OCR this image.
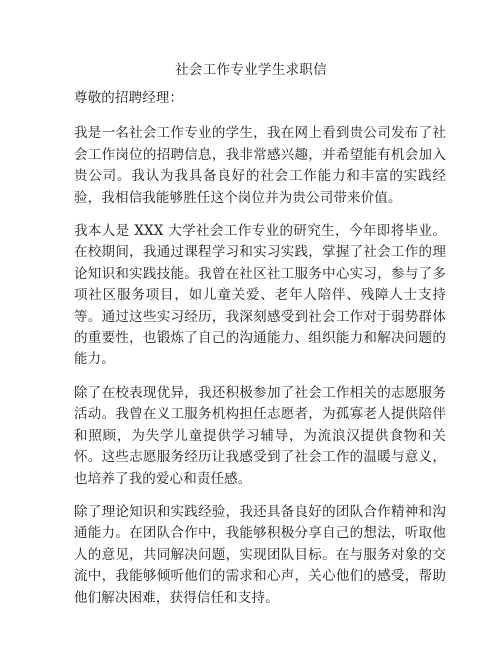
社会工作专业学生求职信

尊敬的招聘经理：

我是一名社会工作专业的学生，我在网上看到贵公司发布了社会工作岗位的招聘信息，我非常感兴趣，并希望能有机会加入贵公司。我认为我具备良好的社会工作能力和丰富的实践经验，我相信我能够胜任这个岗位并为贵公司带来价值。

我本人是 XXX 大学社会工作专业的研究生，今年即将毕业。在校期间，我通过课程学习和实习实践，掌握了社会工作的理论知识和实践技能。我曾在社区社工服务中心实习，参与了多项社区服务项目，如儿童关爱、老年人陪伴、残障人士支持等。通过这些实习经历，我深刻感受到社会工作对于弱势群体的重要性，也锻炼了自己的沟通能力、组织能力和解决问题的能力。

除了在校表现优异，我还积极参加了社会工作相关的志愿服务活动。我曾在义工服务机构担任志愿者，为孤寡老人提供陪伴和照顾，为失学儿童提供学习辅导，为流浪汉提供食物和关怀。这些志愿服务经历让我感受到了社会工作的温暖与意义，也培养了我的爱心和责任感。

除了理论知识和实践经验，我还具备良好的团队合作精神和沟通能力。在团队合作中，我能够积极分享自己的想法，听取他人的意见，共同解决问题，实现团队目标。在与服务对象的交流中，我能够倾听他们的需求和心声，关心他们的感受，帮助他们解决困难，获得信任和支持。
